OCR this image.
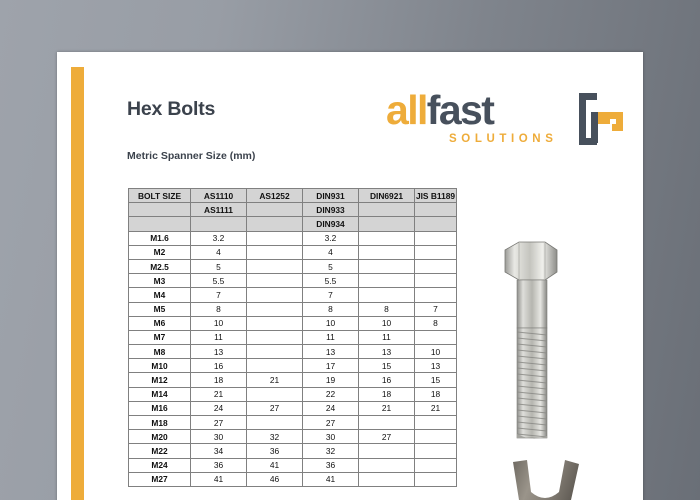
Hex Bolts
Metric Spanner Size (mm)
allfast
SOLUTIONS
BOLT SIZE	AS1110	AS1252	DIN931	DIN6921	JIS B1189
	AS1111		DIN933		
			DIN934		
M1.6	3.2		3.2		
M2	4		4		
M2.5	5		5		
M3	5.5		5.5		
M4	7		7		
M5	8		8	8	7
M6	10		10	10	8
M7	11		11	11	
M8	13		13	13	10
M10	16		17	15	13
M12	18	21	19	16	15
M14	21		22	18	18
M16	24	27	24	21	21
M18	27		27		
M20	30	32	30	27	
M22	34	36	32		
M24	36	41	36		
M27	41	46	41		
